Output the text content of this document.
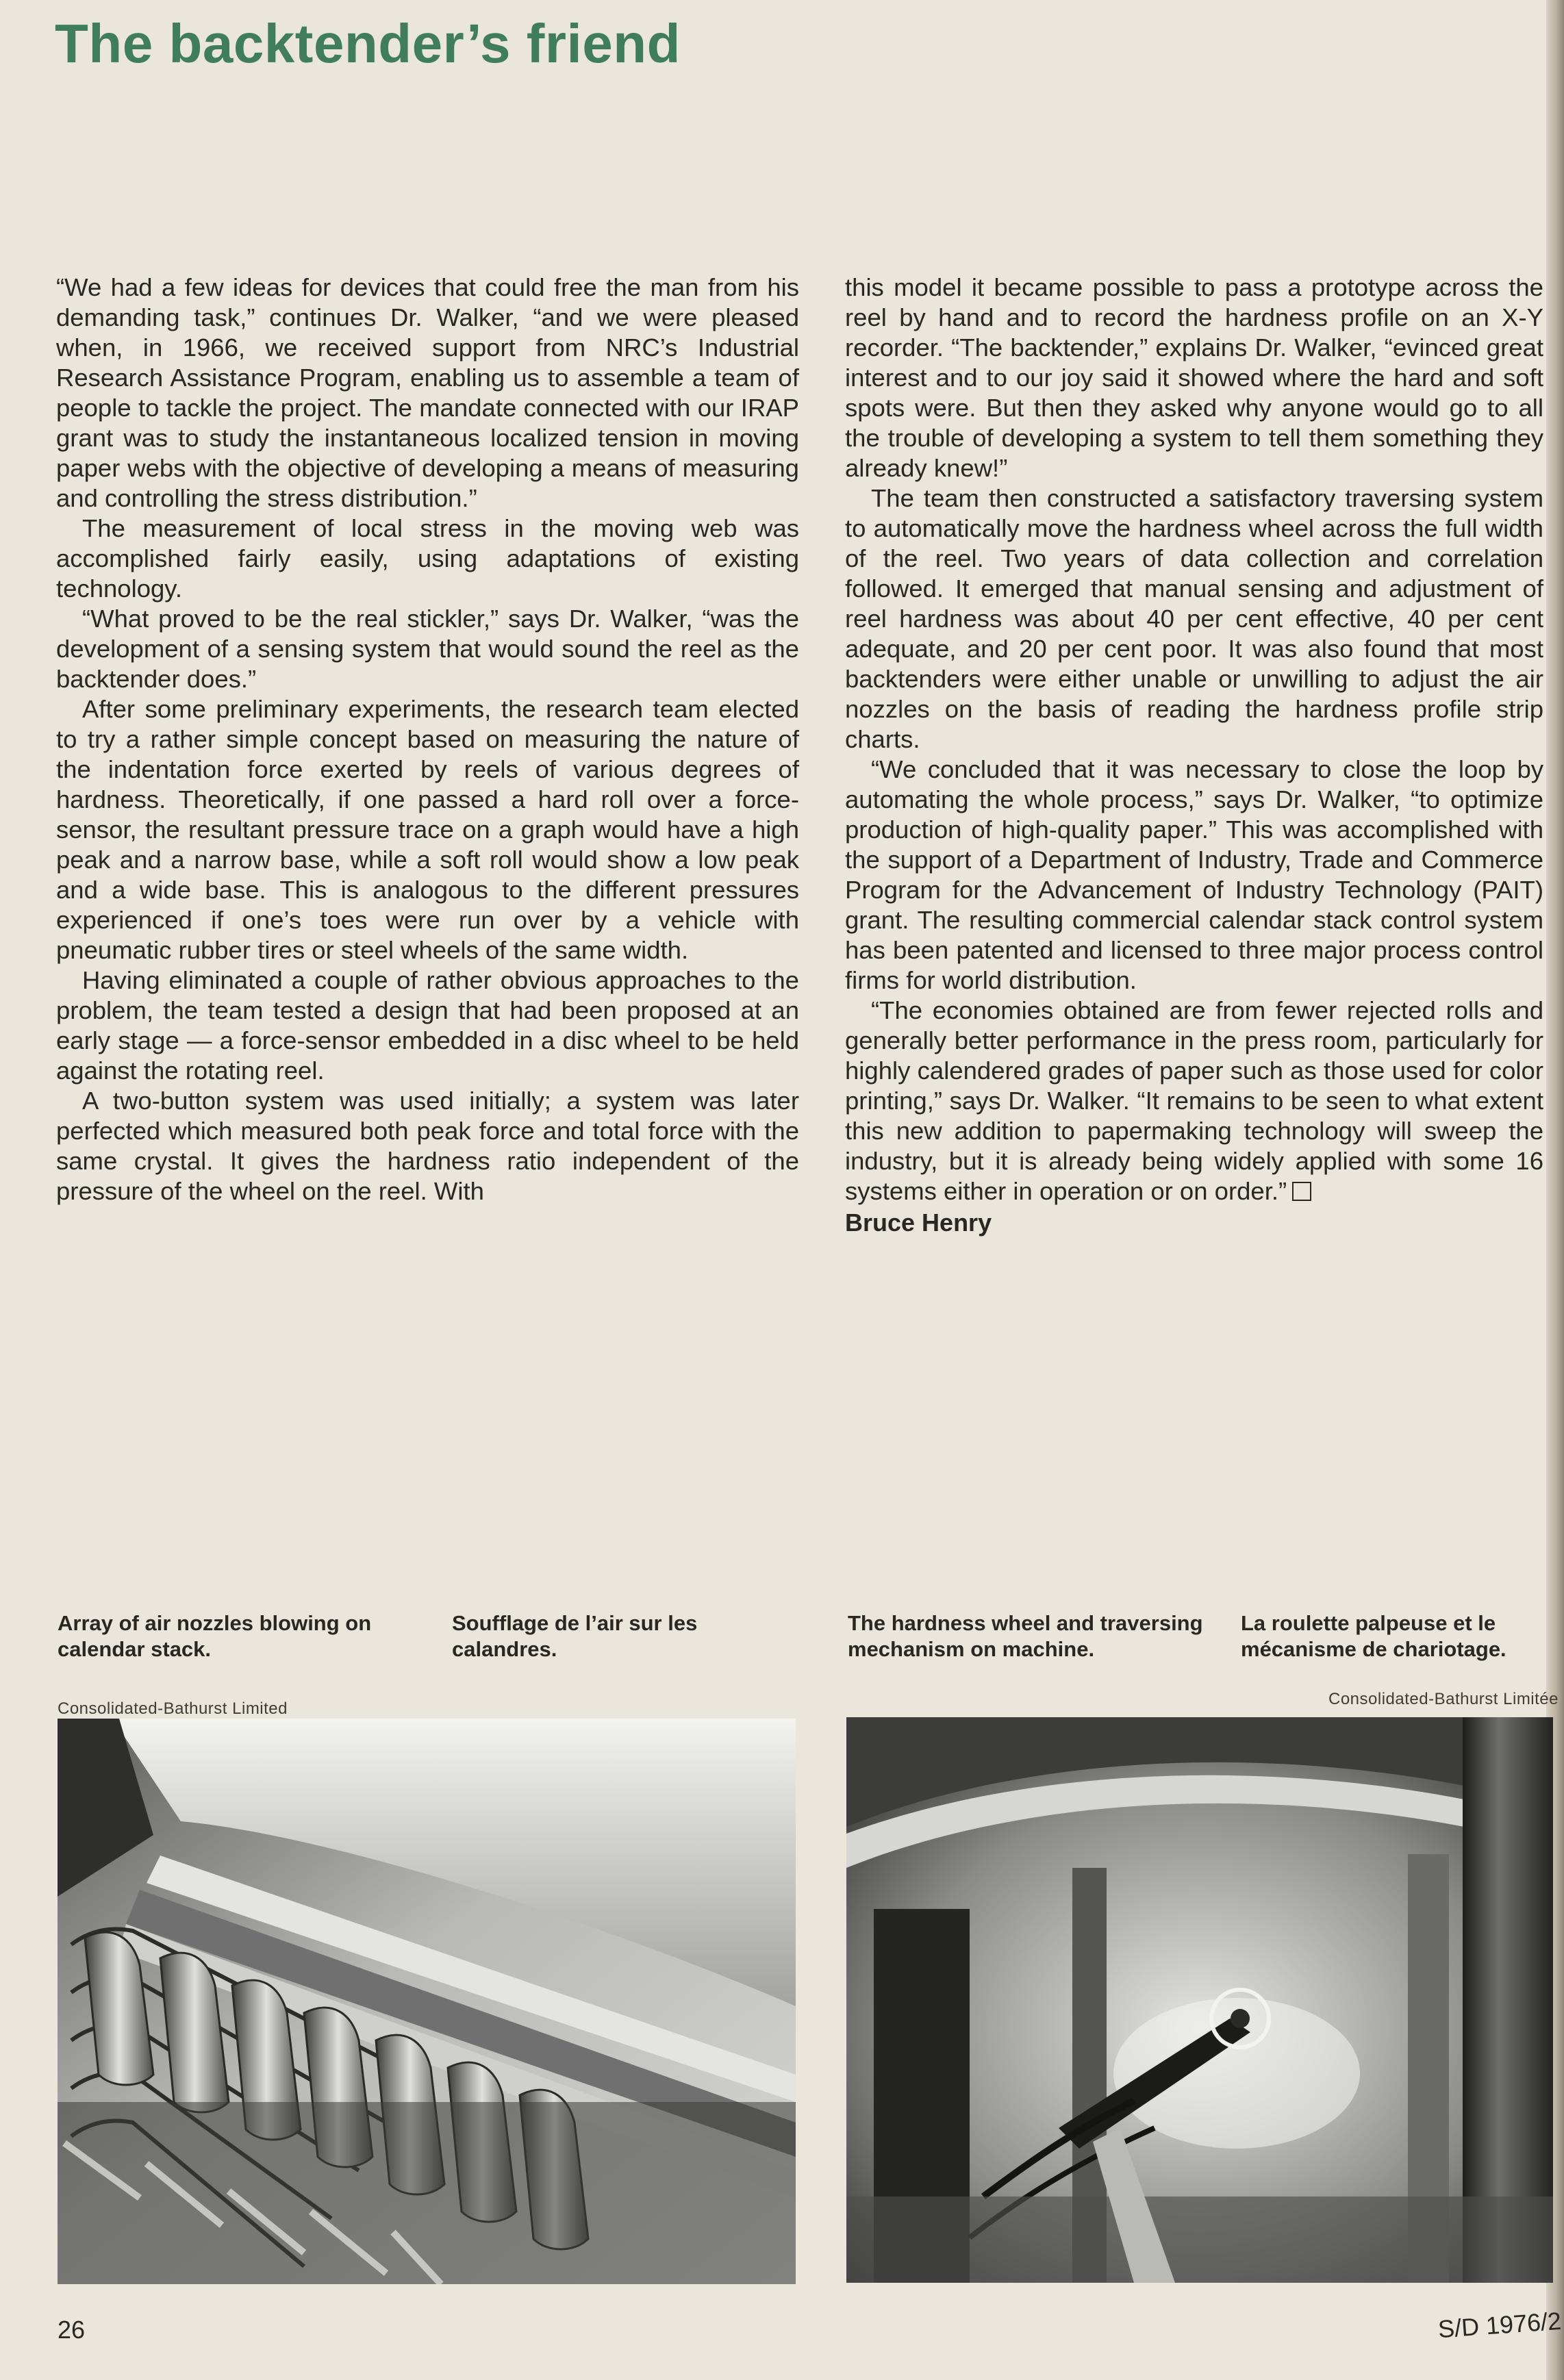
The backtender’s friend

“We had a few ideas for devices that could free the man from his demanding task,” continues Dr. Walker, “and we were pleased when, in 1966, we received support from NRC’s Industrial Research Assistance Program, enabling us to assemble a team of people to tackle the project. The mandate connected with our IRAP grant was to study the instantaneous localized tension in moving paper webs with the objective of developing a means of measuring and controlling the stress distribution.”

The measurement of local stress in the moving web was accomplished fairly easily, using adaptations of existing technology.

“What proved to be the real stickler,” says Dr. Walker, “was the development of a sensing system that would sound the reel as the backtender does.”

After some preliminary experiments, the research team elected to try a rather simple concept based on measuring the nature of the indentation force exerted by reels of various degrees of hardness. Theoretically, if one passed a hard roll over a force-sensor, the resultant pressure trace on a graph would have a high peak and a narrow base, while a soft roll would show a low peak and a wide base. This is analogous to the different pressures experienced if one’s toes were run over by a vehicle with pneumatic rubber tires or steel wheels of the same width.

Having eliminated a couple of rather obvious approaches to the problem, the team tested a design that had been proposed at an early stage — a force-sensor embedded in a disc wheel to be held against the rotating reel.

A two-button system was used initially; a system was later perfected which measured both peak force and total force with the same crystal. It gives the hardness ratio independent of the pressure of the wheel on the reel. With

this model it became possible to pass a prototype across the reel by hand and to record the hardness profile on an X-Y recorder. “The backtender,” explains Dr. Walker, “evinced great interest and to our joy said it showed where the hard and soft spots were. But then they asked why anyone would go to all the trouble of developing a system to tell them something they already knew!”

The team then constructed a satisfactory traversing system to automatically move the hardness wheel across the full width of the reel. Two years of data collection and correlation followed. It emerged that manual sensing and adjustment of reel hardness was about 40 per cent effective, 40 per cent adequate, and 20 per cent poor. It was also found that most backtenders were either unable or unwilling to adjust the air nozzles on the basis of reading the hardness profile strip charts.

“We concluded that it was necessary to close the loop by automating the whole process,” says Dr. Walker, “to optimize production of high-quality paper.” This was accomplished with the support of a Department of Industry, Trade and Commerce Program for the Advancement of Industry Technology (PAIT) grant. The resulting commercial calendar stack control system has been patented and licensed to three major process control firms for world distribution.

“The economies obtained are from fewer rejected rolls and generally better performance in the press room, particularly for highly calendered grades of paper such as those used for color printing,” says Dr. Walker. “It remains to be seen to what extent this new addition to papermaking technology will sweep the industry, but it is already being widely applied with some 16 systems either in operation or on order.”

Bruce Henry
Array of air nozzles blowing on calendar stack.
Soufflage de l’air sur les calandres.
The hardness wheel and traversing mechanism on machine.
La roulette palpeuse et le mécanisme de chariotage.
Consolidated-Bathurst Limited
Consolidated-Bathurst Limitée
26	S/D 1976/2
